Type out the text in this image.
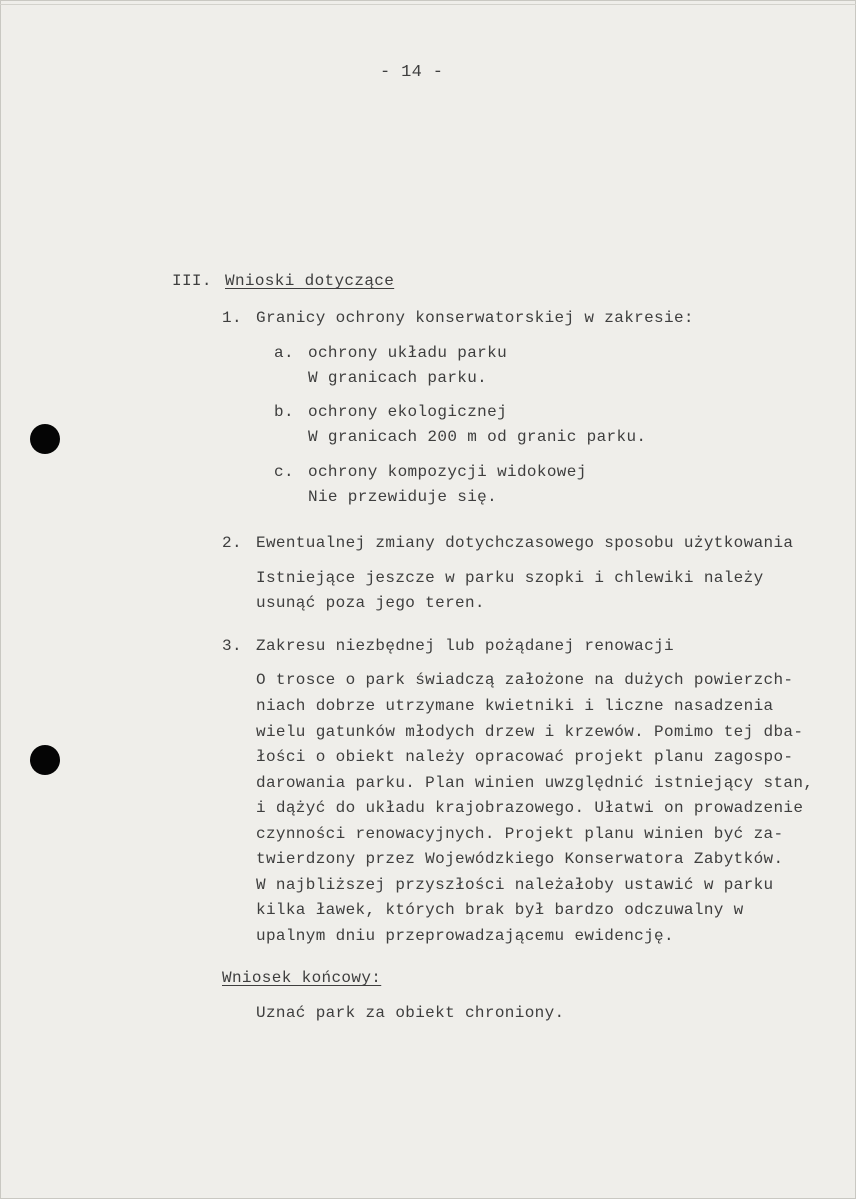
- 14 -
III. Wnioski dotyczące
1. Granicy ochrony konserwatorskiej w zakresie:
a. ochrony układu parku
W granicach parku.
b. ochrony ekologicznej
W granicach 200 m od granic parku.
c. ochrony kompozycji widokowej
Nie przewiduje się.
2. Ewentualnej zmiany dotychczasowego sposobu użytkowania
Istniejące jeszcze w parku szopki i chlewiki należy
usunąć poza jego teren.
3. Zakresu niezbędnej lub pożądanej renowacji
O trosce o park świadczą założone na dużych powierzch-
niach dobrze utrzymane kwietniki i liczne nasadzenia
wielu gatunków młodych drzew i krzewów. Pomimo tej dba-
łości o obiekt należy opracować projekt planu zagospo-
darowania parku. Plan winien uwzględnić istniejący stan,
i dążyć do układu krajobrazowego. Ułatwi on prowadzenie
czynności renowacyjnych. Projekt planu winien być za-
twierdzony przez Wojewódzkiego Konserwatora Zabytków.
W najbliższej przyszłości należałoby ustawić w parku
kilka ławek, których brak był bardzo odczuwalny w
upalnym dniu przeprowadzającemu ewidencję.
Wniosek końcowy:
Uznać park za obiekt chroniony.
